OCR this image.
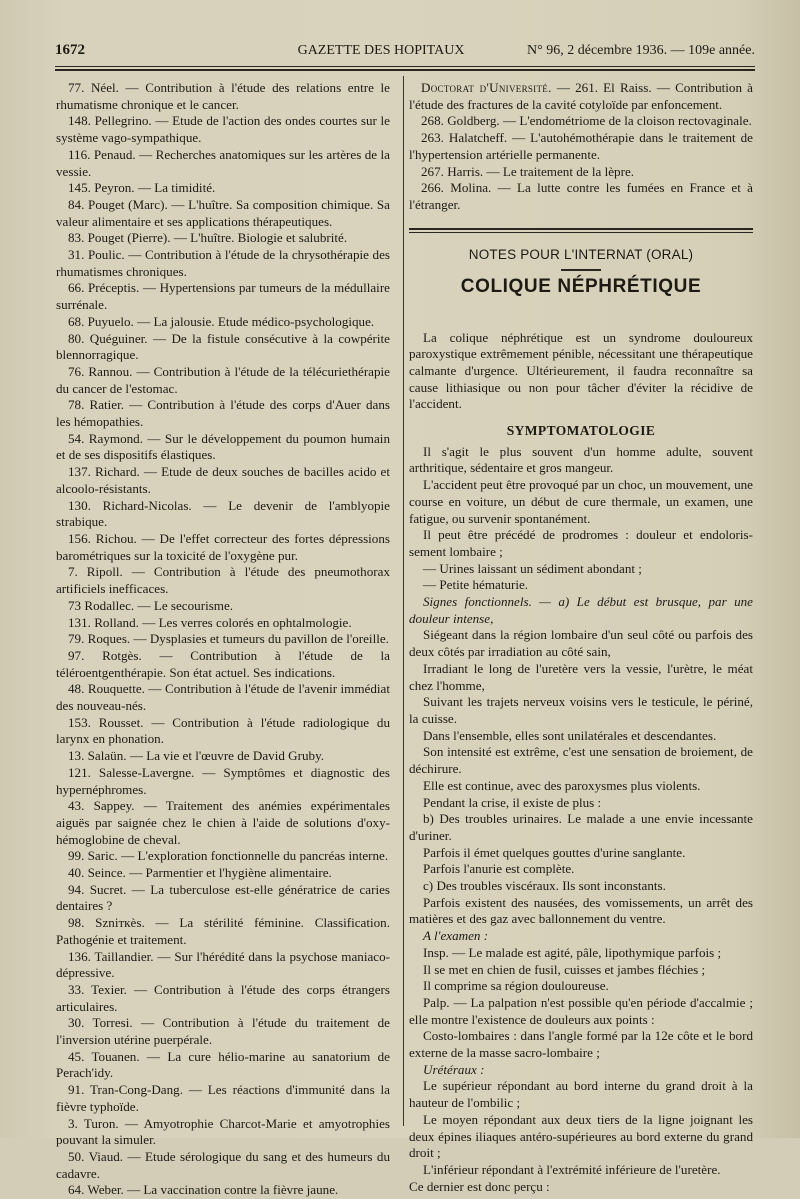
1672	GAZETTE DES HOPITAUX	N° 96, 2 décembre 1936. — 109e année.

77. Néel. — Contribution à l'étude des relations entre le rhumatisme chronique et le cancer.

148. Pellegrino. — Etude de l'action des ondes courtes sur le système vago-sympathique.

116. Penaud. — Recherches anatomiques sur les artères de la vessie.

145. Peyron. — La timidité.

84. Pouget (Marc). — L'huître. Sa composition chimique. Sa valeur alimentaire et ses applications thérapeutiques.

83. Pouget (Pierre). — L'huître. Biologie et salubrité.

31. Poulic. — Contribution à l'étude de la chrysothérapie des rhumatismes chroniques.

66. Préceptis. — Hypertensions par tumeurs de la médullaire surrénale.

68. Puyuelo. — La jalousie. Etude médico-psychologique.

80. Quéguiner. — De la fistule consécutive à la cowpérite blennorragique.

76. Rannou. — Contribution à l'étude de la télécuriethérapie du cancer de l'estomac.

78. Ratier. — Contribution à l'étude des corps d'Auer dans les hémopathies.

54. Raymond. — Sur le développement du poumon humain et de ses dispositifs élastiques.

137. Richard. — Etude de deux souches de bacilles acido et alcoolo-résistants.

130. Richard-Nicolas. — Le devenir de l'amblyopie strabique.

156. Richou. — De l'effet correcteur des fortes dépressions barométriques sur la toxicité de l'oxygène pur.

7. Ripoll. — Contribution à l'étude des pneumothorax artificiels inefficaces.

73 Rodallec. — Le secourisme.

131. Rolland. — Les verres colorés en ophtalmologie.

79. Roques. — Dysplasies et tumeurs du pavillon de l'oreille.

97. Rotgès. — Contribution à l'étude de la téléroentgenthérapie. Son état actuel. Ses indications.

48. Rouquette. — Contribution à l'étude de l'avenir immédiat des nouveau-nés.

153. Rousset. — Contribution à l'étude radiologique du larynx en phonation.

13. Salaün. — La vie et l'œuvre de David Gruby.

121. Salesse-Lavergne. — Symptômes et diagnostic des hypernéphromes.

43. Sappey. — Traitement des anémies expérimentales aiguës par saignée chez le chien à l'aide de solutions d'oxy-hémoglobine de cheval.

99. Saric. — L'exploration fonctionnelle du pancréas interne.

40. Seince. — Parmentier et l'hygiène alimentaire.

94. Sucret. — La tuberculose est-elle génératrice de caries dentaires ?

98. Szniткès. — La stérilité féminine. Classification. Pathogénie et traitement.

136. Taillandier. — Sur l'hérédité dans la psychose maniaco-dépressive.

33. Texier. — Contribution à l'étude des corps étrangers articulaires.

30. Torresi. — Contribution à l'étude du traitement de l'inversion utérine puerpérale.

45. Touanen. — La cure hélio-marine au sanatorium de Perach'idy.

91. Tran-Cong-Dang. — Les réactions d'immunité dans la fièvre typhoïde.

3. Turon. — Amyotrophie Charcot-Marie et amyotrophies pouvant la simuler.

50. Viaud. — Etude sérologique du sang et des humeurs du cadavre.

64. Weber. — La vaccination contre la fièvre jaune.

Doctorat d'Université. — 261. El Raiss. — Contribution à l'étude des fractures de la cavité cotyloïde par enfoncement.

268. Goldberg. — L'endométriome de la cloison rectovaginale.

263. Halatcheff. — L'autohémothérapie dans le traitement de l'hypertension artérielle permanente.

267. Harris. — Le traitement de la lèpre.

266. Molina. — La lutte contre les fumées en France et à l'étranger.

NOTES POUR L'INTERNAT (ORAL)
COLIQUE NÉPHRÉTIQUE

La colique néphrétique est un syndrome douloureux paroxystique extrêmement pénible, nécessitant une thérapeutique calmante d'urgence. Ultérieurement, il faudra reconnaître sa cause lithiasique ou non pour tâcher d'éviter la récidive de l'accident.

SYMPTOMATOLOGIE

Il s'agit le plus souvent d'un homme adulte, souvent arthritique, sédentaire et gros mangeur.

L'accident peut être provoqué par un choc, un mouvement, une course en voiture, un début de cure thermale, un examen, une fatigue, ou survenir spontanément.

Il peut être précédé de prodromes : douleur et endoloris-sement lombaire ;

— Urines laissant un sédiment abondant ;

— Petite hématurie.

Signes fonctionnels. — a) Le début est brusque, par une douleur intense,

Siégeant dans la région lombaire d'un seul côté ou parfois des deux côtés par irradiation au côté sain,

Irradiant le long de l'uretère vers la vessie, l'urètre, le méat chez l'homme,

Suivant les trajets nerveux voisins vers le testicule, le périné, la cuisse.

Dans l'ensemble, elles sont unilatérales et descendantes.

Son intensité est extrême, c'est une sensation de broiement, de déchirure.

Elle est continue, avec des paroxysmes plus violents.

Pendant la crise, il existe de plus :

b) Des troubles urinaires. Le malade a une envie incessante d'uriner.

Parfois il émet quelques gouttes d'urine sanglante.

Parfois l'anurie est complète.

c) Des troubles viscéraux. Ils sont inconstants.

Parfois existent des nausées, des vomissements, un arrêt des matières et des gaz avec ballonnement du ventre.

A l'examen :

Insp. — Le malade est agité, pâle, lipothymique parfois ;

Il se met en chien de fusil, cuisses et jambes fléchies ;

Il comprime sa région douloureuse.

Palp. — La palpation n'est possible qu'en période d'accalmie ; elle montre l'existence de douleurs aux points :

Costo-lombaires : dans l'angle formé par la 12e côte et le bord externe de la masse sacro-lombaire ;

Urétéraux :

Le supérieur répondant au bord interne du grand droit à la hauteur de l'ombilic ;

Le moyen répondant aux deux tiers de la ligne joignant les deux épines iliaques antéro-supérieures au bord externe du grand droit ;

L'inférieur répondant à l'extrémité inférieure de l'uretère.

Ce dernier est donc perçu :
